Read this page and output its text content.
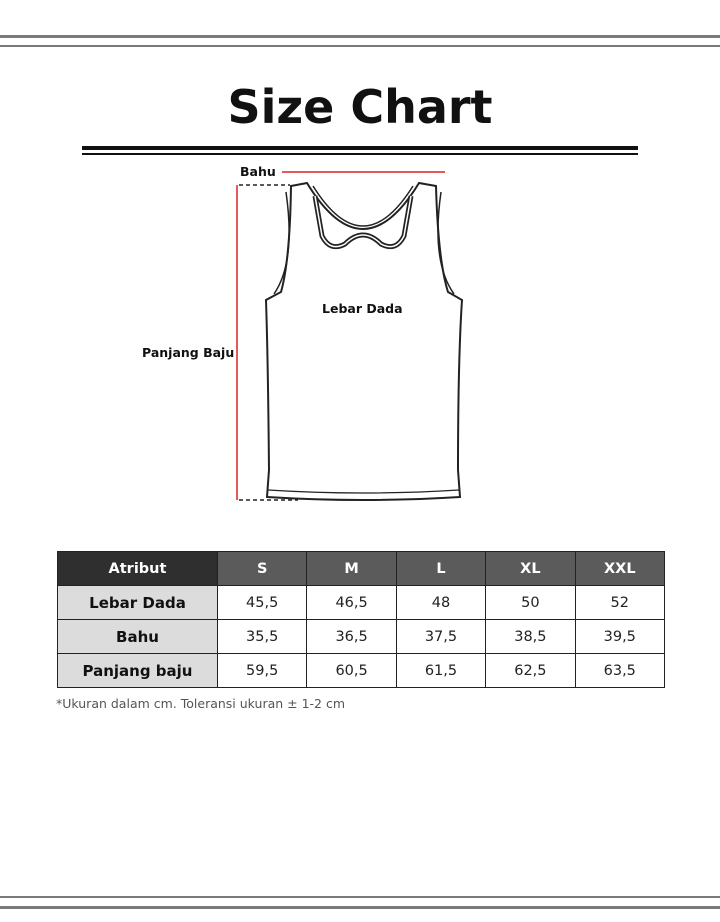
Size Chart
Bahu
Lebar Dada
Panjang Baju
Atribut	S	M	L	XL	XXL
Lebar Dada	45,5	46,5	48	50	52
Bahu	35,5	36,5	37,5	38,5	39,5
Panjang baju	59,5	60,5	61,5	62,5	63,5
*Ukuran dalam cm. Toleransi ukuran ± 1-2 cm
